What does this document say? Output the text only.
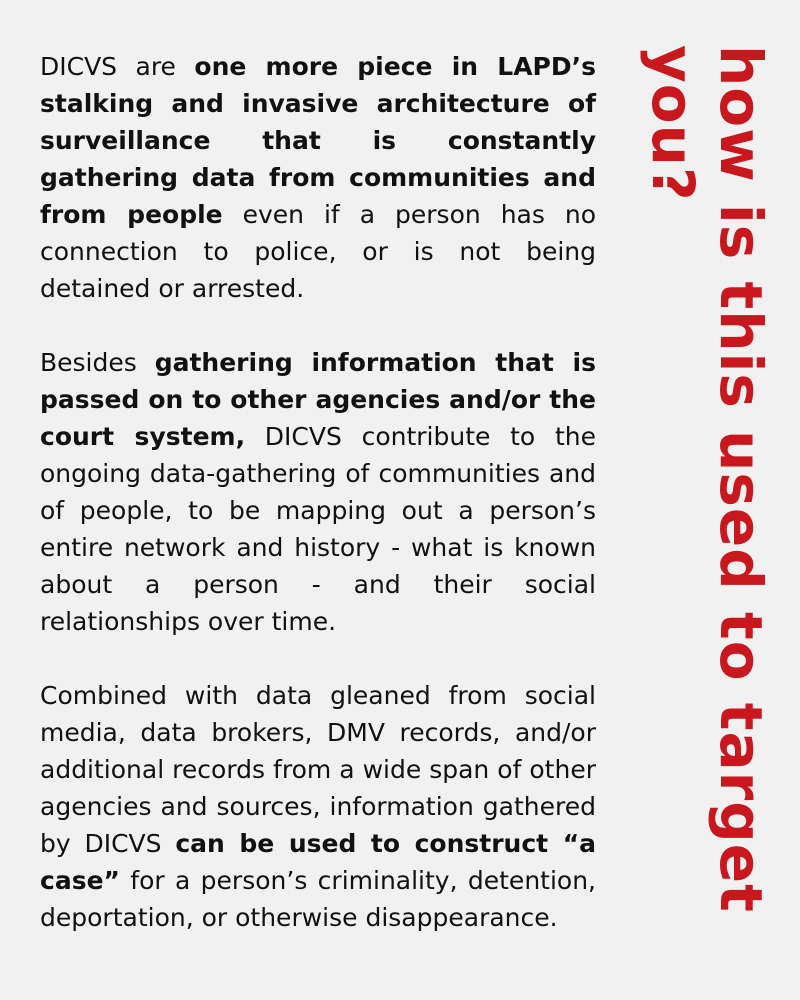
DICVS are one more piece in LAPD’s stalking and invasive architecture of surveillance that is constantly gathering data from communities and from people even if a person has no connection to police, or is not being detained or arrested.

Besides gathering information that is passed on to other agencies and/or the court system, DICVS contribute to the ongoing data-gathering of communities and of people, to be mapping out a person’s entire network and history - what is known about a person - and their social relationships over time.

Combined with data gleaned from social media, data brokers, DMV records, and/or additional records from a wide span of other agencies and sources, information gathered by DICVS can be used to construct “a case” for a person’s criminality, detention, deportation, or otherwise disappearance.

how is this used to target you?
